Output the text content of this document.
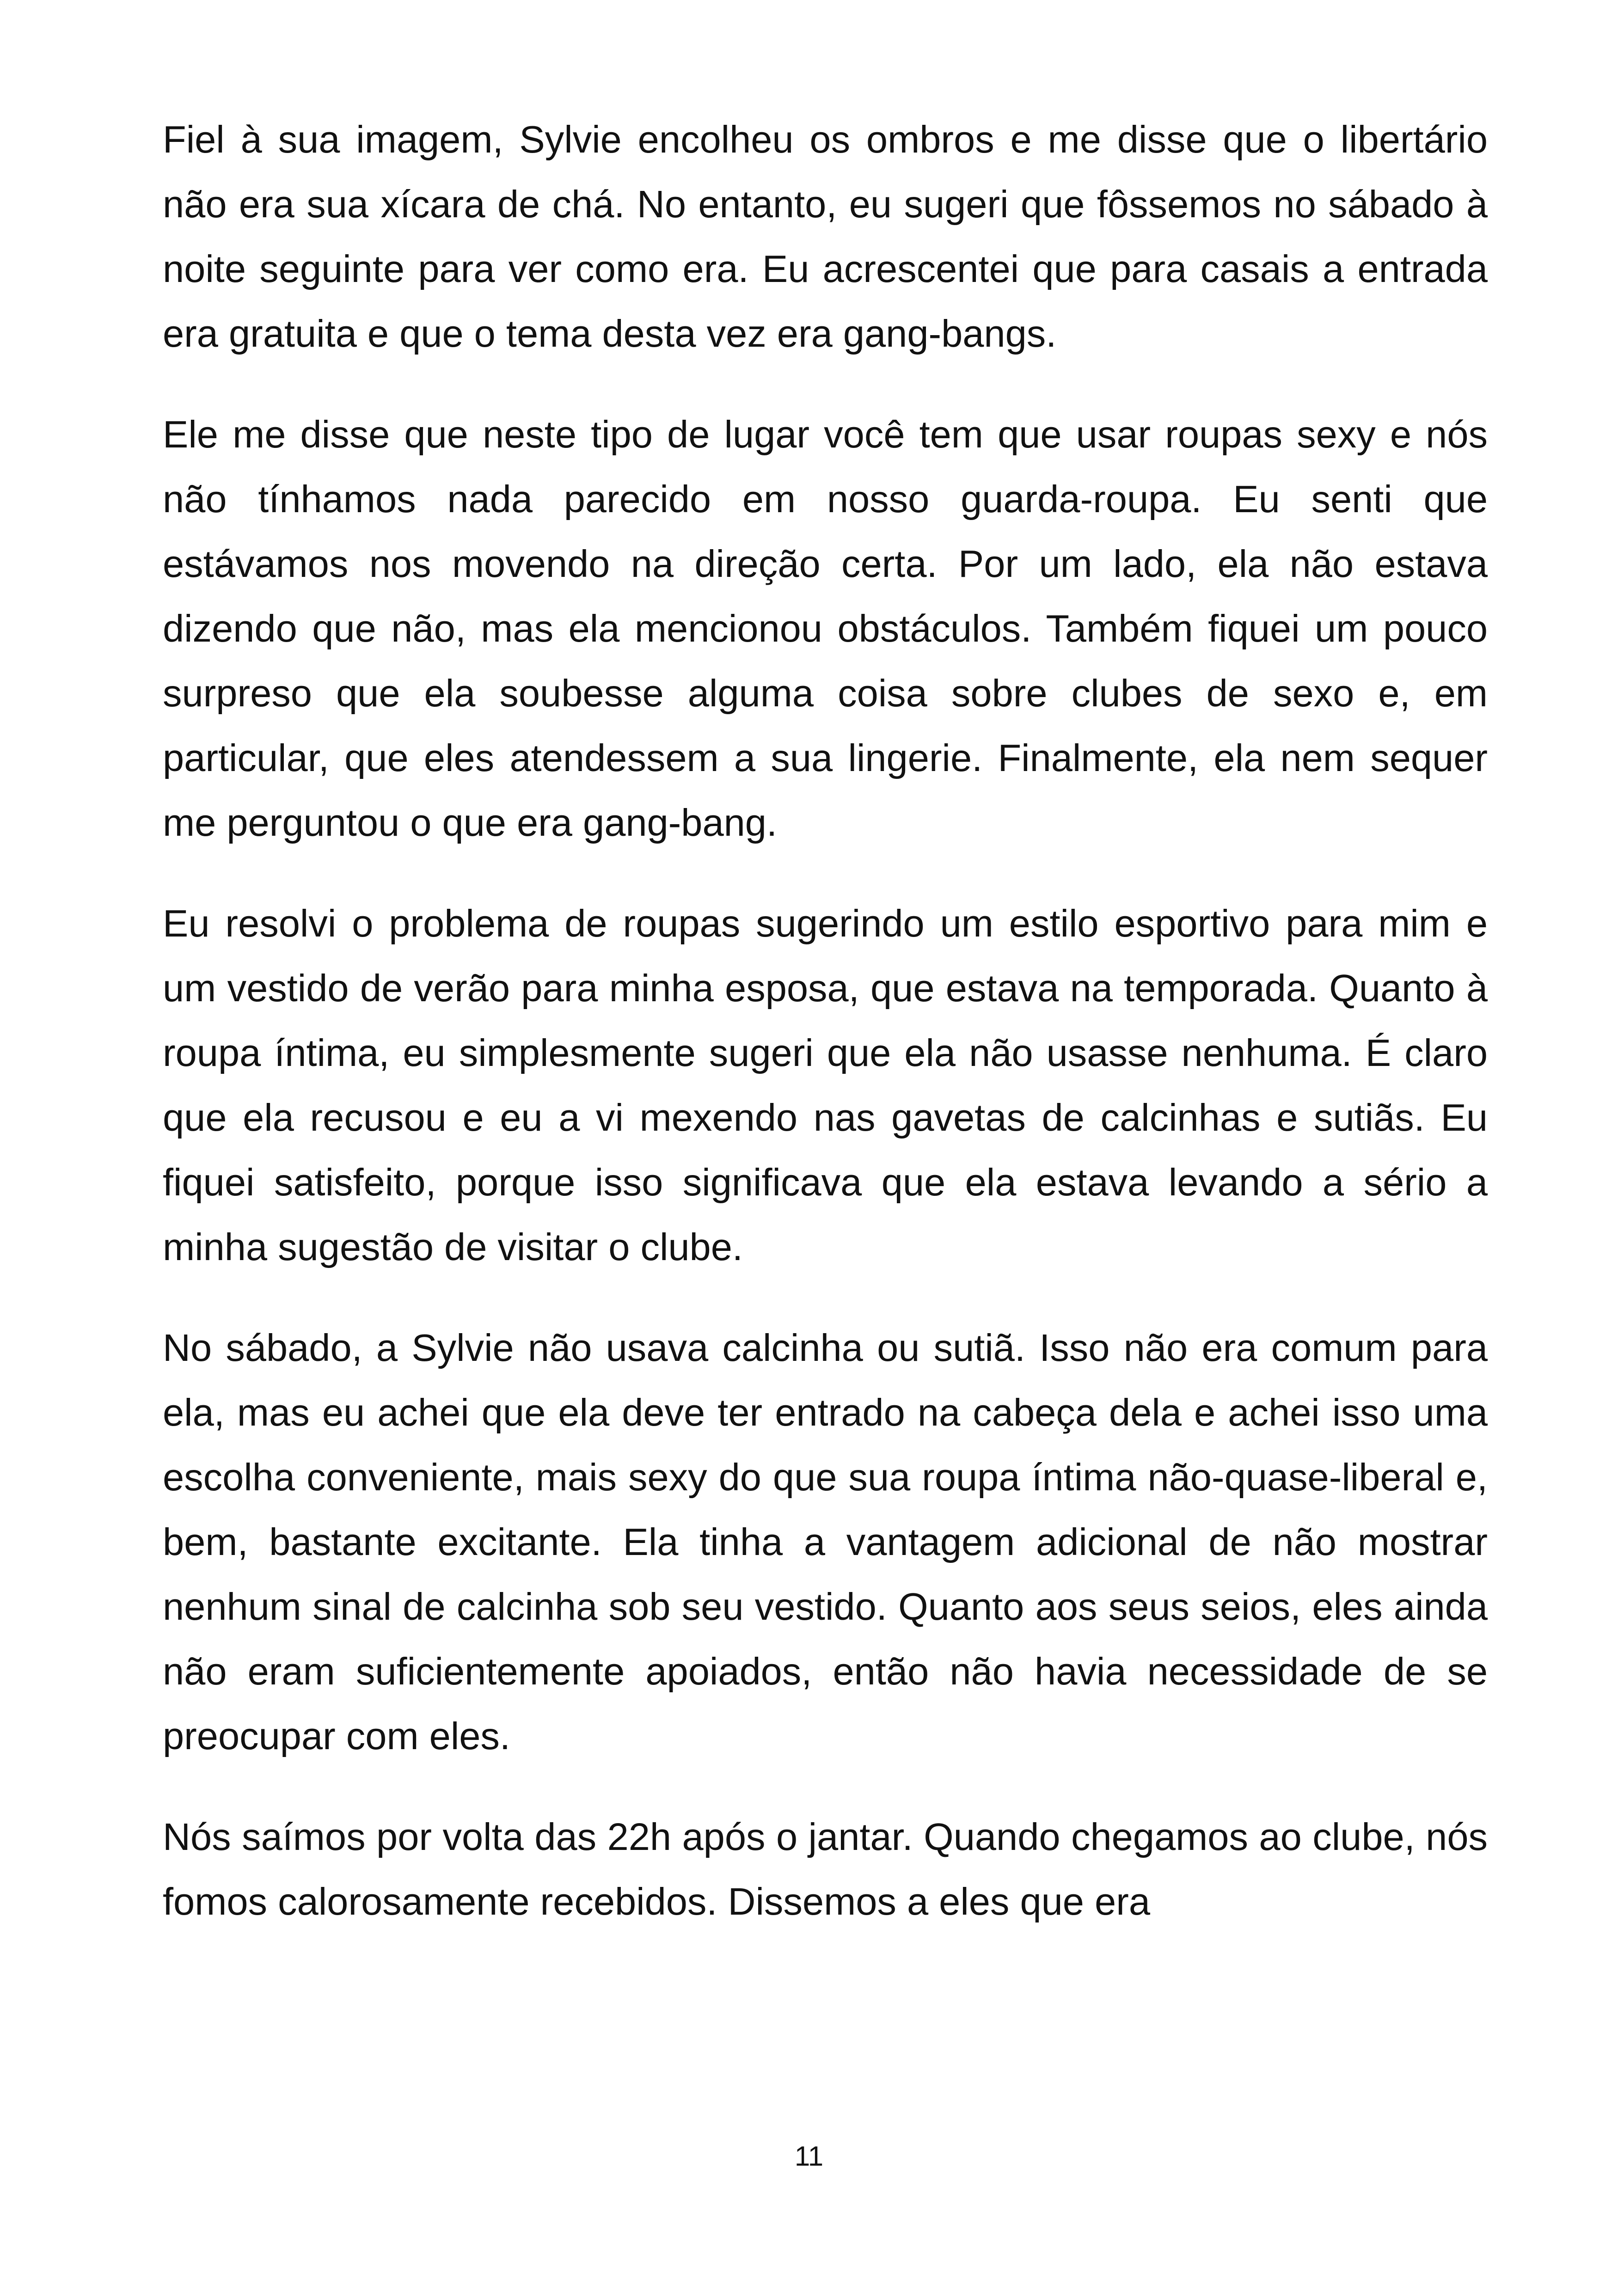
Fiel à sua imagem, Sylvie encolheu os ombros e me disse que o libertário não era sua xícara de chá. No entanto, eu sugeri que fôssemos no sábado à noite seguinte para ver como era. Eu acrescentei que para casais a entrada era gratuita e que o tema desta vez era gang-bangs.

Ele me disse que neste tipo de lugar você tem que usar roupas sexy e nós não tínhamos nada parecido em nosso guarda-roupa. Eu senti que estávamos nos movendo na direção certa. Por um lado, ela não estava dizendo que não, mas ela mencionou obstáculos. Também fiquei um pouco surpreso que ela soubesse alguma coisa sobre clubes de sexo e, em particular, que eles atendessem a sua lingerie. Finalmente, ela nem sequer me perguntou o que era gang-bang.

Eu resolvi o problema de roupas sugerindo um estilo esportivo para mim e um vestido de verão para minha esposa, que estava na temporada. Quanto à roupa íntima, eu simplesmente sugeri que ela não usasse nenhuma. É claro que ela recusou e eu a vi mexendo nas gavetas de calcinhas e sutiãs. Eu fiquei satisfeito, porque isso significava que ela estava levando a sério a minha sugestão de visitar o clube.

No sábado, a Sylvie não usava calcinha ou sutiã. Isso não era comum para ela, mas eu achei que ela deve ter entrado na cabeça dela e achei isso uma escolha conveniente, mais sexy do que sua roupa íntima não-quase-liberal e, bem, bastante excitante. Ela tinha a vantagem adicional de não mostrar nenhum sinal de calcinha sob seu vestido. Quanto aos seus seios, eles ainda não eram suficientemente apoiados, então não havia necessidade de se preocupar com eles.

Nós saímos por volta das 22h após o jantar. Quando chegamos ao clube, nós fomos calorosamente recebidos. Dissemos a eles que era

11
